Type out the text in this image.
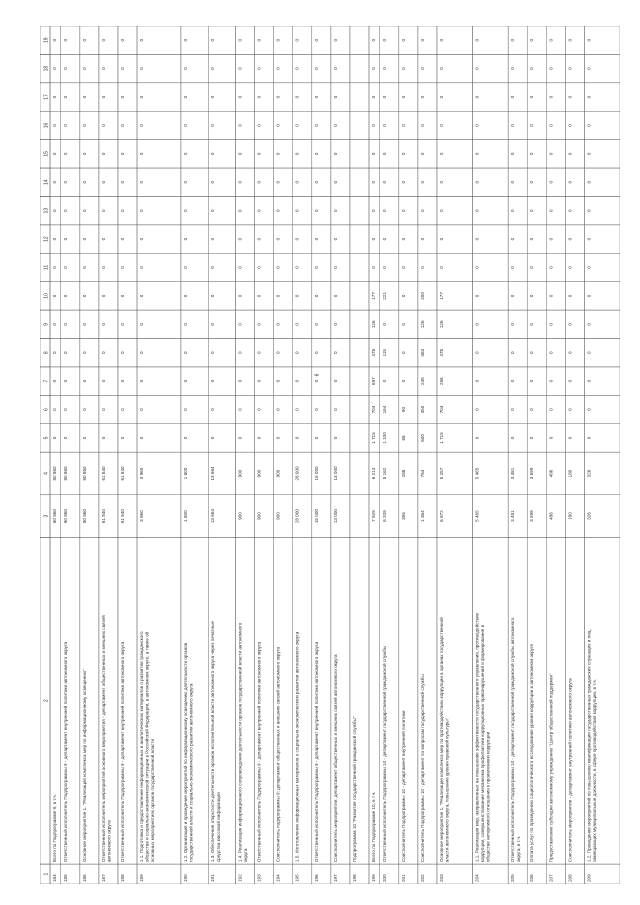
6
1
2
3
4
5
6
7
8
9
10
11
12
13
14
15
16
17
18
19
184
Всего по Подпрограмме 9, в т.ч.
80 860
80 860
0
0
0
0
0
0
0
0
0
0
0
0
0
0
0
185
Ответственный исполнитель Подпрограммы 9 - департамент внутренней политики автономного округа
80 860
80 860
0
0
0
0
0
0
0
0
0
0
0
0
0
0
0
186
Основное мероприятие 1. "Реализация комплекса мер по информационному освещению"
80 860
80 860
0
0
0
0
0
0
0
0
0
0
0
0
0
0
0
187
Ответственный исполнитель мероприятий основного мероприятия - департамент общественных и внешних связейавтономного округа
61 840
61 840
0
0
0
0
0
0
0
0
0
0
0
0
0
0
0
188
Ответственный исполнитель Подпрограммы 9 - департамент внутренней политики автономного округа
61 840
61 840
0
0
0
0
0
0
0
0
0
0
0
0
0
0
0
189
1.1. Подготовка и предоставление информационных и аналитических материалов о развитии гражданскогообщества и социально-экономической ситуации в Российской Федерации, в автономном округе, а также обосновных мероприятиях органов государственной власти
3 960
3 960
0
0
0
0
0
0
0
0
0
0
0
0
0
0
0
190
1.2. Организация и проведение мероприятий по информационному освещению деятельности органовгосударственной власти и социально-экономического развития автономного округа
1 800
1 800
0
0
0
0
0
0
0
0
0
0
0
0
0
0
0
191
1.3. Обеспечение открытости деятельности органов исполнительной власти автономного округа через печатныесредства массовой информации
13 664
13 664
0
0
0
0
0
0
0
0
0
0
0
0
0
0
0
192
1.4. Реализация информационного сопровождения деятельности органов государственной власти автономногоокруга
900
900
0
0
0
0
0
0
0
0
0
0
0
0
0
0
0
193
Ответственный исполнитель Подпрограммы 9 - департамент внутренней политики автономного округа
900
900
0
0
0
0
0
0
0
0
0
0
0
0
0
0
0
194
Соисполнитель подпрограммы 9: департамент общественных и внешних связей автономного округа
900
900
0
0
0
0
0
0
0
0
0
0
0
0
0
0
0
195
1.5. Изготовление информационных материалов о социально-экономическом развитии автономного округа
28 000
28 000
0
0
0
0
0
0
0
0
0
0
0
0
0
0
0
196
Ответственный исполнитель Подпрограммы 9 - департамент внутренней политики автономного округа
15 000
15 000
0
0
0
0
0
0
0
0
0
0
0
0
0
0
0
197
Соисполнитель мероприятия: департамент общественных и внешних связей автономного округа
13 000
13 000
0
0
0
0
0
0
0
0
0
0
0
0
0
0
0
198
Подпрограмма 10 "Развитие государственной гражданской службы"
199
Всего по Подпрограмме 10, в т.ч.
7 929
6 214
1 715
704
697
478
126
177
0
0
0
0
0
0
0
0
0
200
Ответственный исполнитель Подпрограммы 10 - департамент государственной гражданской службы
6 209
5 162
1 100
164
0
115
0
221
0
0
0
0
0
0
0
0
0
201
Соисполнитель Подпрограммы 10 - департамент внутренней политики
356
288
68
90
0
0
0
0
0
0
0
0
0
0
0
0
0
202
Соисполнитель Подпрограммы 10 - департамент по вопросам государственной службы
1 364
764
600
450
245
363
126
200
0
0
0
0
0
0
0
0
0
203
Основное мероприятие 1. "Реализация комплекса мер по противодействию коррупции в органах государственнойвласти автономного округа, повышение уровня правовой культуры"
6 972
5 257
1 715
704
256
478
126
177
0
0
0
0
0
0
0
0
0
204
1.1. Реализация мер, направленных на повышение эффективности государственного управления, противодействиекоррупции, совершенствование механизма профилактики коррупционных правонарушений и формирование вобществе нетерпимого отношения к проявлениям коррупции
5 465
5 465
0
0
0
0
0
0
0
0
0
0
0
0
0
0
0
205
Ответственный исполнитель Подпрограммы 10 - департамент государственной гражданской службы автономногоокруга, в т.ч.
3 481
3 481
0
0
0
0
0
0
0
0
0
0
0
0
0
0
0
206
Оплата услуг по проведению социологического исследования уровня коррупции в автономном округе
3 599
3 599
0
0
0
0
0
0
0
0
0
0
0
0
0
0
0
207
Предоставление субсидии автономному учреждению "Центр общественной поддержки"
486
486
0
0
0
0
0
0
0
0
0
0
0
0
0
0
0
208
Соисполнитель мероприятия - департамент внутренней политики автономного округа
180
180
0
0
0
0
0
0
0
0
0
0
0
0
0
0
0
209
1.2. Проведение мероприятий по повышению квалификации государственных гражданских служащих и лиц,замещающих муниципальные должности, в сфере противодействия коррупции, в т.ч.
326
326
0
0
0
0
0
0
0
0
0
0
0
0
0
0
0
